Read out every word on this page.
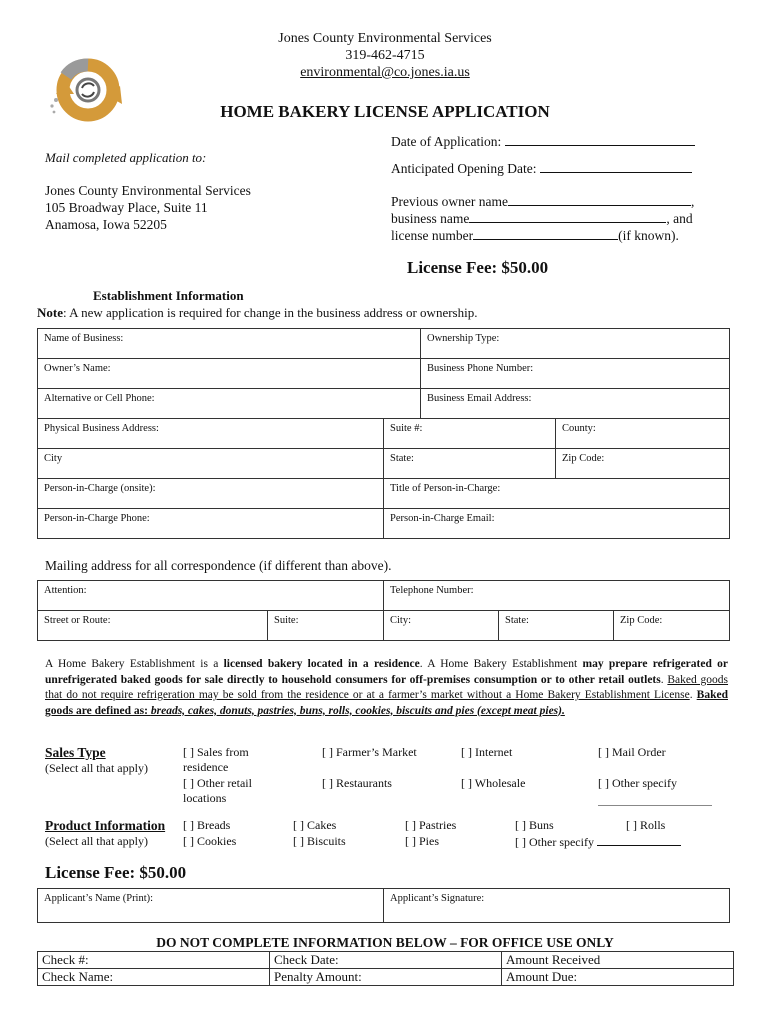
Jones County Environmental Services
319-462-4715
environmental@co.jones.ia.us
HOME BAKERY LICENSE APPLICATION
Mail completed application to:
Jones County Environmental Services
105 Broadway Place, Suite 11
Anamosa, Iowa 52205
Date of Application:
Anticipated Opening Date:
Previous owner name	,
business name	, and
license number	(if known).
License Fee: $50.00
Establishment Information
Note: A new application is required for change in the business address or ownership.
Name of Business:	Ownership Type:
Owner’s Name:	Business Phone Number:
Alternative or Cell Phone:	Business Email Address:
Physical Business Address:	Suite #:	County:
City	State:	Zip Code:
Person-in-Charge (onsite):	Title of Person-in-Charge:
Person-in-Charge Phone:	Person-in-Charge Email:
Mailing address for all correspondence (if different than above).
Attention:	Telephone Number:
Street or Route:	Suite:	City:	State:	Zip Code:
A Home Bakery Establishment is a licensed bakery located in a residence. A Home Bakery Establishment may prepare refrigerated or unrefrigerated baked goods for sale directly to household consumers for off-premises consumption or to other retail outlets. Baked goods that do not require refrigeration may be sold from the residence or at a farmer’s market without a Home Bakery Establishment License. Baked goods are defined as: breads, cakes, donuts, pastries, buns, rolls, cookies, biscuits and pies (except meat pies).
Sales Type
(Select all that apply)
[ ] Sales from
residence
[ ] Farmer’s Market	[ ] Internet	[ ] Mail Order
[ ] Other retail
locations
[ ] Restaurants	[ ] Wholesale	[ ] Other specify
Product Information
(Select all that apply)
[ ] Breads
[ ] Cookies
[ ] Cakes
[ ] Biscuits
[ ] Pastries
[ ] Pies
[ ] Buns
[ ] Other specify
[ ] Rolls
License Fee: $50.00
Applicant’s Name (Print):	Applicant’s Signature:
DO NOT COMPLETE INFORMATION BELOW – FOR OFFICE USE ONLY
Check #:	Check Date:	Amount Received
Check Name:	Penalty Amount:	Amount Due:
